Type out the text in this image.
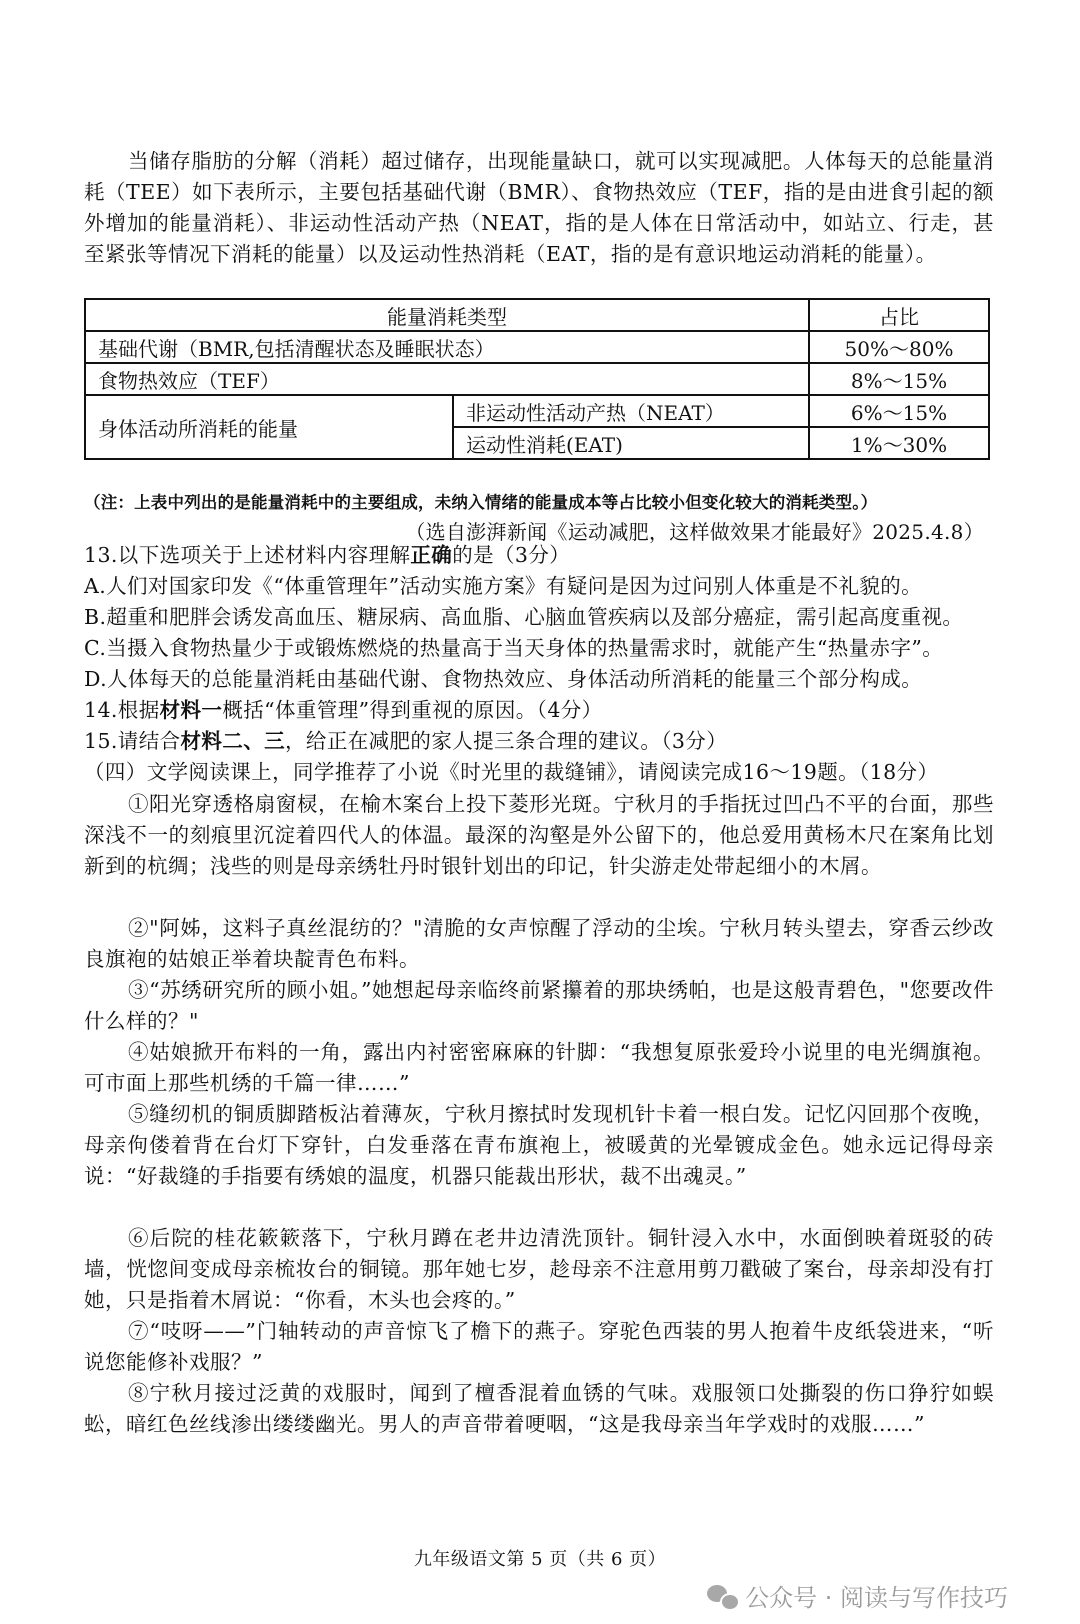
当储存脂肪的分解（消耗）超过储存，出现能量缺口，就可以实现减肥。人体每天的总能量消耗（TEE）如下表所示，主要包括基础代谢（BMR）、食物热效应（TEF，指的是由进食引起的额外增加的能量消耗）、非运动性活动产热（NEAT，指的是人体在日常活动中，如站立、行走，甚至紧张等情况下消耗的能量）以及运动性热消耗（EAT，指的是有意识地运动消耗的能量）。

能量消耗类型		占比
基础代谢（BMR,包括清醒状态及睡眠状态）		50%～80%
食物热效应（TEF）		8%～15%
身体活动所消耗的能量	非运动性活动产热（NEAT）	6%～15%
	运动性消耗(EAT)	1%～30%

（注：上表中列出的是能量消耗中的主要组成，未纳入情绪的能量成本等占比较小但变化较大的消耗类型。）

（选自澎湃新闻《运动减肥，这样做效果才能最好》2025.4.8）

13.以下选项关于上述材料内容理解正确的是（3分）

A.人们对国家印发《“体重管理年”活动实施方案》有疑问是因为过问别人体重是不礼貌的。

B.超重和肥胖会诱发高血压、糖尿病、高血脂、心脑血管疾病以及部分癌症，需引起高度重视。

C.当摄入食物热量少于或锻炼燃烧的热量高于当天身体的热量需求时，就能产生“热量赤字”。

D.人体每天的总能量消耗由基础代谢、食物热效应、身体活动所消耗的能量三个部分构成。

14.根据材料一概括“体重管理”得到重视的原因。（4分）

15.请结合材料二、三，给正在减肥的家人提三条合理的建议。（3分）

（四）文学阅读课上，同学推荐了小说《时光里的裁缝铺》，请阅读完成16～19题。（18分）

①阳光穿透格扇窗棂，在榆木案台上投下菱形光斑。宁秋月的手指抚过凹凸不平的台面，那些深浅不一的刻痕里沉淀着四代人的体温。最深的沟壑是外公留下的，他总爱用黄杨木尺在案角比划新到的杭绸；浅些的则是母亲绣牡丹时银针划出的印记，针尖游走处带起细小的木屑。

②"阿姊，这料子真丝混纺的？"清脆的女声惊醒了浮动的尘埃。宁秋月转头望去，穿香云纱改良旗袍的姑娘正举着块靛青色布料。

③“苏绣研究所的顾小姐。”她想起母亲临终前紧攥着的那块绣帕，也是这般青碧色，"您要改件什么样的？"

④姑娘掀开布料的一角，露出内衬密密麻麻的针脚：“我想复原张爱玲小说里的电光绸旗袍。可市面上那些机绣的千篇一律……”

⑤缝纫机的铜质脚踏板沾着薄灰，宁秋月擦拭时发现机针卡着一根白发。记忆闪回那个夜晚，母亲佝偻着背在台灯下穿针，白发垂落在青布旗袍上，被暖黄的光晕镀成金色。她永远记得母亲说：“好裁缝的手指要有绣娘的温度，机器只能裁出形状，裁不出魂灵。”

⑥后院的桂花簌簌落下，宁秋月蹲在老井边清洗顶针。铜针浸入水中，水面倒映着斑驳的砖墙，恍惚间变成母亲梳妆台的铜镜。那年她七岁，趁母亲不注意用剪刀戳破了案台，母亲却没有打她，只是指着木屑说：“你看，木头也会疼的。”

⑦“吱呀——”门轴转动的声音惊飞了檐下的燕子。穿驼色西装的男人抱着牛皮纸袋进来，“听说您能修补戏服？”

⑧宁秋月接过泛黄的戏服时，闻到了檀香混着血锈的气味。戏服领口处撕裂的伤口狰狞如蜈蚣，暗红色丝线渗出缕缕幽光。男人的声音带着哽咽，“这是我母亲当年学戏时的戏服……”

九年级语文第 5 页（共 6 页）
公众号 · 阅读与写作技巧
